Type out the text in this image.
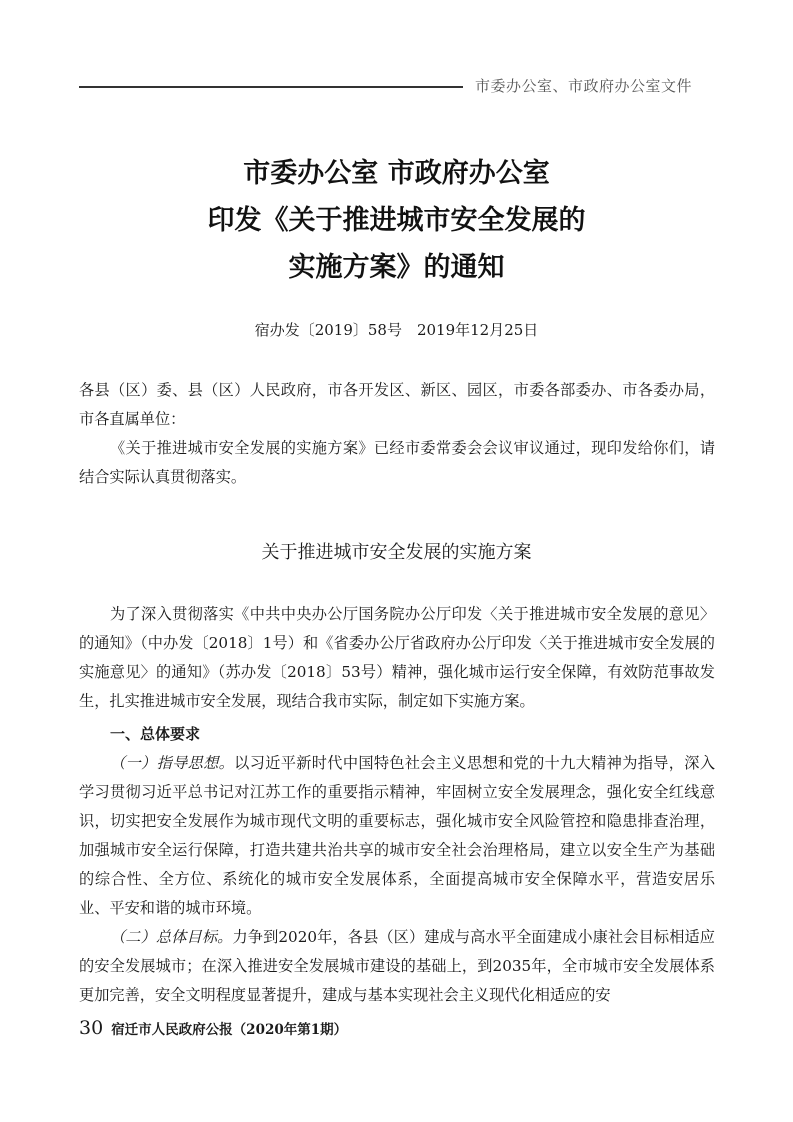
市委办公室、市政府办公室文件
市委办公室 市政府办公室
印发《关于推进城市安全发展的
实施方案》的通知
宿办发〔2019〕58号　2019年12月25日
各县（区）委、县（区）人民政府，市各开发区、新区、园区，市委各部委办、市各委办局，市各直属单位：
《关于推进城市安全发展的实施方案》已经市委常委会会议审议通过，现印发给你们，请结合实际认真贯彻落实。
关于推进城市安全发展的实施方案
为了深入贯彻落实《中共中央办公厅国务院办公厅印发〈关于推进城市安全发展的意见〉的通知》（中办发〔2018〕1号）和《省委办公厅省政府办公厅印发〈关于推进城市安全发展的实施意见〉的通知》（苏办发〔2018〕53号）精神，强化城市运行安全保障，有效防范事故发生，扎实推进城市安全发展，现结合我市实际，制定如下实施方案。
一、总体要求
（一）指导思想。以习近平新时代中国特色社会主义思想和党的十九大精神为指导，深入学习贯彻习近平总书记对江苏工作的重要指示精神，牢固树立安全发展理念，强化安全红线意识，切实把安全发展作为城市现代文明的重要标志，强化城市安全风险管控和隐患排查治理，加强城市安全运行保障，打造共建共治共享的城市安全社会治理格局，建立以安全生产为基础的综合性、全方位、系统化的城市安全发展体系，全面提高城市安全保障水平，营造安居乐业、平安和谐的城市环境。
（二）总体目标。力争到2020年，各县（区）建成与高水平全面建成小康社会目标相适应的安全发展城市；在深入推进安全发展城市建设的基础上，到2035年，全市城市安全发展体系更加完善，安全文明程度显著提升，建成与基本实现社会主义现代化相适应的安
30 宿迁市人民政府公报（2020年第1期）
